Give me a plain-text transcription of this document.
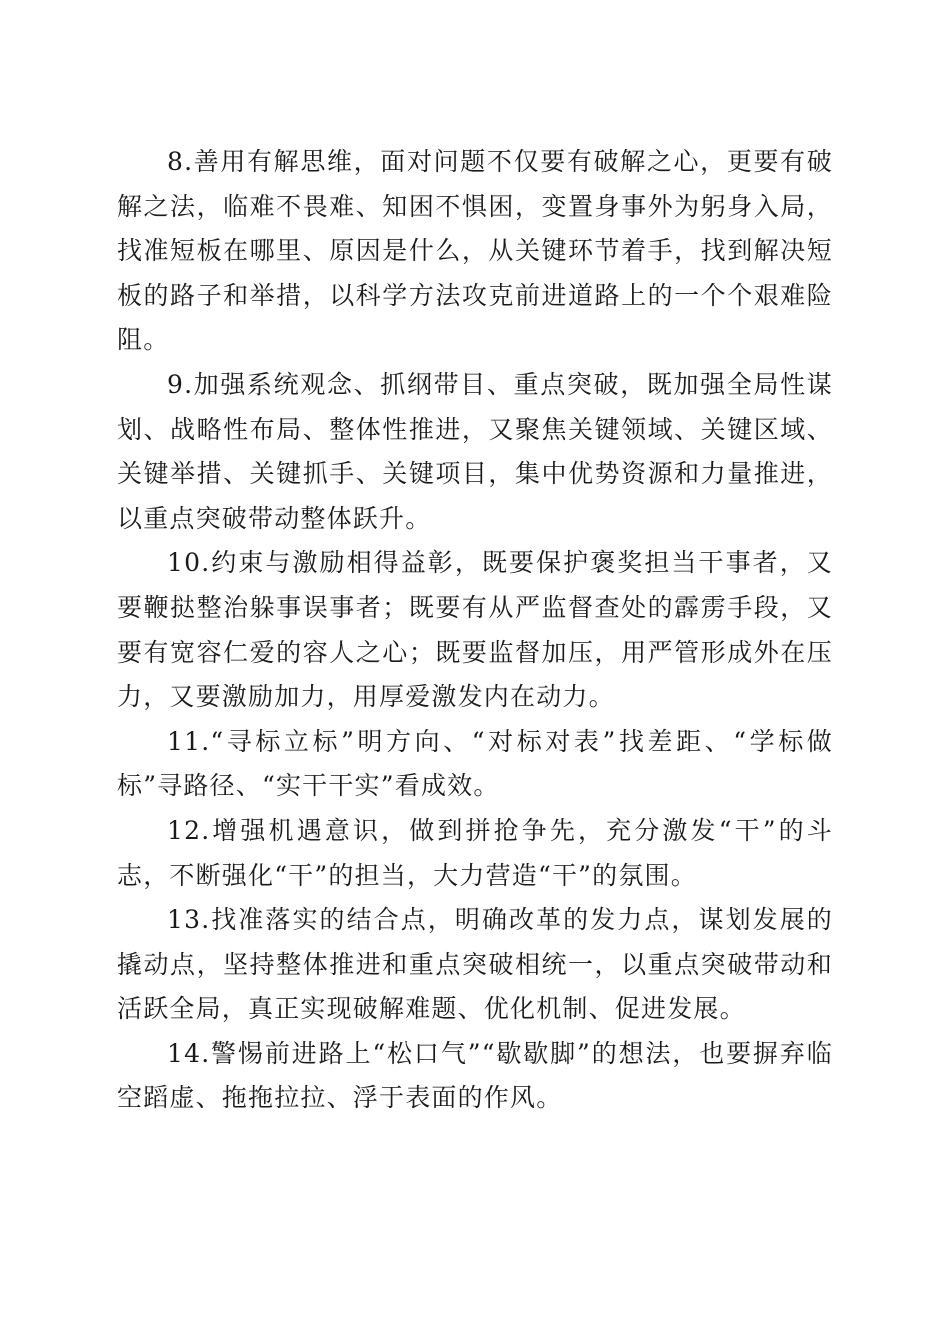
8.善用有解思维，面对问题不仅要有破解之心，更要有破解之法，临难不畏难、知困不惧困，变置身事外为躬身入局，找准短板在哪里、原因是什么，从关键环节着手，找到解决短板的路子和举措，以科学方法攻克前进道路上的一个个艰难险阻。

9.加强系统观念、抓纲带目、重点突破，既加强全局性谋划、战略性布局、整体性推进，又聚焦关键领域、关键区域、关键举措、关键抓手、关键项目，集中优势资源和力量推进，以重点突破带动整体跃升。

10.约束与激励相得益彰，既要保护褒奖担当干事者，又要鞭挞整治躲事误事者；既要有从严监督查处的霹雳手段，又要有宽容仁爱的容人之心；既要监督加压，用严管形成外在压力，又要激励加力，用厚爱激发内在动力。

11.“寻标立标”明方向、“对标对表”找差距、“学标做标”寻路径、“实干干实”看成效。

12.增强机遇意识，做到拼抢争先，充分激发“干”的斗志，不断强化“干”的担当，大力营造“干”的氛围。

13.找准落实的结合点，明确改革的发力点，谋划发展的撬动点，坚持整体推进和重点突破相统一，以重点突破带动和活跃全局，真正实现破解难题、优化机制、促进发展。

14.警惕前进路上“松口气”“歇歇脚”的想法，也要摒弃临空蹈虚、拖拖拉拉、浮于表面的作风。
